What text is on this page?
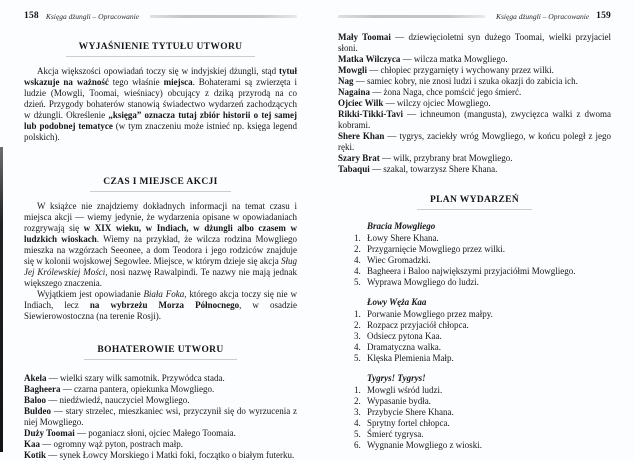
158 Księga dżungli – Opracowanie
WYJAŚNIENIE TYTUŁU UTWORU

Akcja większości opowiadań toczy się w indyjskiej dżungli, stąd tytuł wskazuje na ważność tego właśnie miejsca. Bohaterami są zwierzęta i ludzie (Mowgli, Toomai, wieśniacy) obcujący z dziką przyrodą na co dzień. Przygody bohaterów stanowią świadectwo wydarzeń zachodzących w dżungli. Określenie „księga” oznacza tutaj zbiór historii o tej samej lub podobnej tematyce (w tym znaczeniu może istnieć np. księga legend polskich).

CZAS I MIEJSCE AKCJI

W książce nie znajdziemy dokładnych informacji na temat czasu i miejsca akcji — wiemy jedynie, że wydarzenia opisane w opowiadaniach rozgrywają się w XIX wieku, w Indiach, w dżungli albo czasem w ludzkich wioskach. Wiemy na przykład, że wilcza rodzina Mowgliego mieszka na wzgórzach Seeonee, a dom Teodora i jego rodziców znajduje się w kolonii wojskowej Segowlee. Miejsce, w którym dzieje się akcja Sług Jej Królewskiej Mości, nosi nazwę Rawalpindi. Te nazwy nie mają jednak większego znaczenia.

Wyjątkiem jest opowiadanie Biała Foka, którego akcja toczy się nie w Indiach, lecz na wybrzeżu Morza Północnego, w osadzie Siewierowostoczna (na terenie Rosji).

BOHATEROWIE UTWORU

Akela — wielki szary wilk samotnik. Przywódca stada.

Bagheera — czarna pantera, opiekunka Mowgliego.

Baloo — niedźwiedź, nauczyciel Mowgliego.

Buldeo — stary strzelec, mieszkaniec wsi, przyczynił się do wyrzucenia z niej Mowgliego.

Duży Toomai — poganiacz słoni, ojciec Małego Toomaia.

Kaa — ogromny wąż pyton, postrach małp.

Kotik — synek Łowcy Morskiego i Matki foki, foczątko o białym futerku.

Księga dżungli – Opracowanie 159

Mały Toomai — dziewięcioletni syn dużego Toomai, wielki przyjaciel słoni.

Matka Wilczyca — wilcza matka Mowgliego.

Mowgli — chłopiec przygarnięty i wychowany przez wilki.

Nag — samiec kobry, nie znosi ludzi i szuka okazji do zabicia ich.

Nagaina — żona Naga, chce pomścić jego śmierć.

Ojciec Wilk — wilczy ojciec Mowgliego.

Rikki-Tikki-Tavi — ichneumon (mangusta), zwycięzca walki z dwoma kobrami.

Shere Khan — tygrys, zaciekły wróg Mowgliego, w końcu poległ z jego ręki.

Szary Brat — wilk, przybrany brat Mowgliego.

Tabaqui — szakal, towarzysz Shere Khana.

PLAN WYDARZEŃ
Bracia Mowgliego
1. Łowy Shere Khana.
2. Przygarnięcie Mowgliego przez wilki.
4. Wiec Gromadzki.
4. Bagheera i Baloo największymi przyjaciółmi Mowgliego.
5. Wyprawa Mowgliego do ludzi.
Łowy Węża Kaa
1. Porwanie Mowgliego przez małpy.
2. Rozpacz przyjaciół chłopca.
3. Odsiecz pytona Kaa.
4. Dramatyczna walka.
5. Klęska Plemienia Małp.
Tygrys! Tygrys!
1. Mowgli wśród ludzi.
2. Wypasanie bydła.
3. Przybycie Shere Khana.
4. Sprytny fortel chłopca.
5. Śmierć tygrysa.
6. Wygnanie Mowgliego z wioski.
